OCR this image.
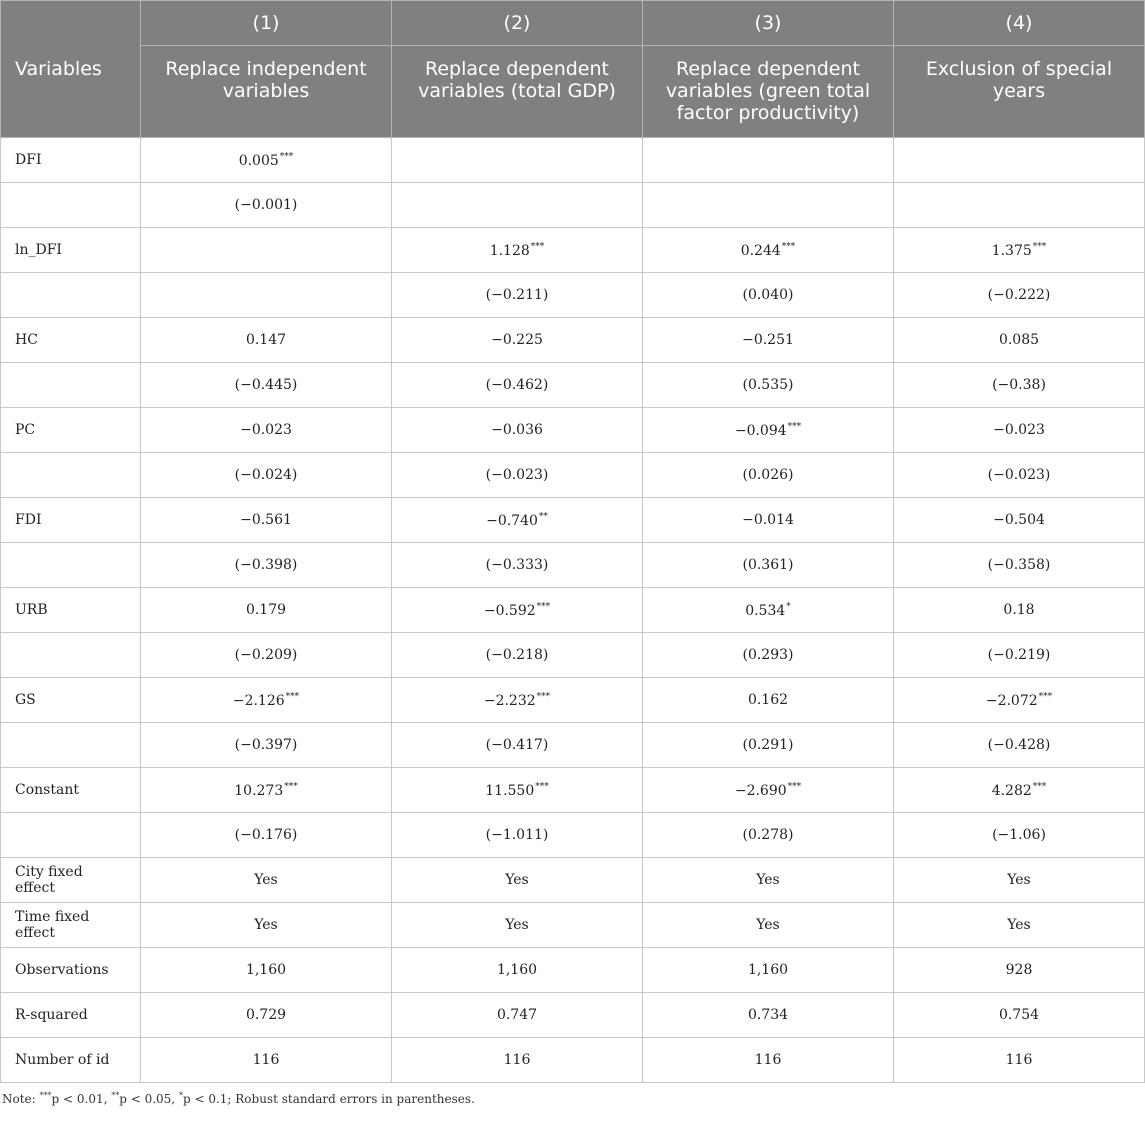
Variables	(1)	(2)	(3)	(4)
	Replace independent variables	Replace dependent variables (total GDP)	Replace dependent variables (green total factor productivity)	Exclusion of special years
DFI	0.005***			
	(−0.001)			
ln_DFI		1.128***	0.244***	1.375***
		(−0.211)	(0.040)	(−0.222)
HC	0.147	−0.225	−0.251	0.085
	(−0.445)	(−0.462)	(0.535)	(−0.38)
PC	−0.023	−0.036	−0.094***	−0.023
	(−0.024)	(−0.023)	(0.026)	(−0.023)
FDI	−0.561	−0.740**	−0.014	−0.504
	(−0.398)	(−0.333)	(0.361)	(−0.358)
URB	0.179	−0.592***	0.534*	0.18
	(−0.209)	(−0.218)	(0.293)	(−0.219)
GS	−2.126***	−2.232***	0.162	−2.072***
	(−0.397)	(−0.417)	(0.291)	(−0.428)
Constant	10.273***	11.550***	−2.690***	4.282***
	(−0.176)	(−1.011)	(0.278)	(−1.06)
City fixed effect	Yes	Yes	Yes	Yes
Time fixed effect	Yes	Yes	Yes	Yes
Observations	1,160	1,160	1,160	928
R-squared	0.729	0.747	0.734	0.754
Number of id	116	116	116	116
Note: ***p < 0.01, **p < 0.05, *p < 0.1; Robust standard errors in parentheses.
